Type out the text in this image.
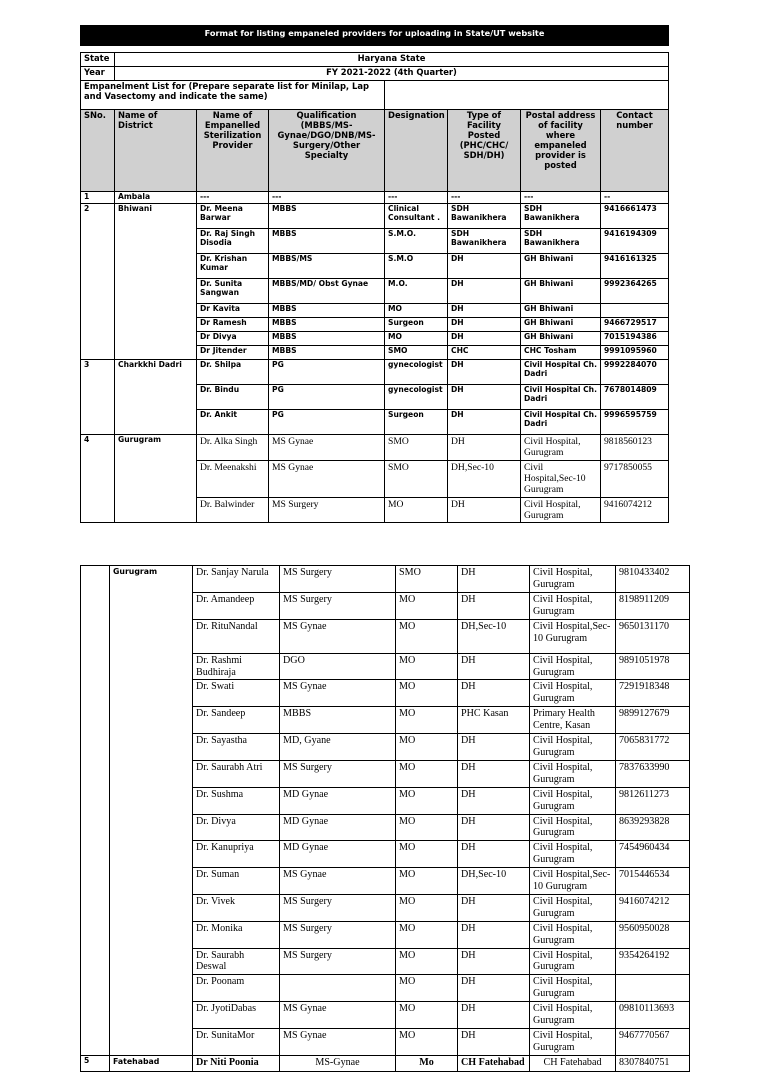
Format for listing empaneled providers for uploading in State/UT website							

State	Haryana State						
Year	FY 2021-2022 (4th Quarter)						
Empanelment List for (Prepare separate list for Minilap, Lap and Vasectomy and indicate the same)							
SNo.	Name of District	Name of Empanelled Sterilization Provider	Qualification (MBBS/MS-Gynae/DGO/DNB/MS-Surgery/Other Specialty	Designation	Type of Facility Posted (PHC/CHC/ SDH/DH)	Postal address of facility where empaneled provider is posted	Contact number
1	Ambala	---	---	---	---	---	--
2	Bhiwani	Dr. Meena Barwar	MBBS	Clinical Consultant .	SDH Bawanikhera	SDH Bawanikhera	9416661473
		Dr. Raj Singh Disodia	MBBS	S.M.O.	SDH Bawanikhera	SDH Bawanikhera	9416194309
		Dr. Krishan Kumar	MBBS/MS	S.M.O	DH	GH Bhiwani	9416161325
		Dr. Sunita Sangwan	MBBS/MD/ Obst Gynae	M.O.	DH	GH Bhiwani	9992364265
		Dr Kavita	MBBS	MO	DH	GH Bhiwani	
		Dr Ramesh	MBBS	Surgeon	DH	GH Bhiwani	9466729517
		Dr Divya	MBBS	MO	DH	GH Bhiwani	7015194386
		Dr Jitender	MBBS	SMO	CHC	CHC Tosham	9991095960
3	Charkkhi Dadri	Dr. Shilpa	PG	gynecologist	DH	Civil Hospital Ch. Dadri	9992284070
		Dr. Bindu	PG	gynecologist	DH	Civil Hospital Ch. Dadri	7678014809
		Dr. Ankit	PG	Surgeon	DH	Civil Hospital Ch. Dadri	9996595759
4	Gurugram	Dr. Alka Singh	MS Gynae	SMO	DH	Civil Hospital, Gurugram	9818560123
		Dr. Meenakshi	MS Gynae	SMO	DH,Sec-10	Civil Hospital,Sec-10 Gurugram	9717850055
		Dr. Balwinder	MS Surgery	MO	DH	Civil Hospital, Gurugram	9416074212
	Gurugram	Dr. Sanjay Narula	MS Surgery	SMO	DH	Civil Hospital, Gurugram	9810433402
		Dr. Amandeep	MS Surgery	MO	DH	Civil Hospital, Gurugram	8198911209
		Dr. RituNandal	MS Gynae	MO	DH,Sec-10	Civil Hospital,Sec-10 Gurugram	9650131170
		Dr. Rashmi Budhiraja	DGO	MO	DH	Civil Hospital, Gurugram	9891051978
		Dr. Swati	MS Gynae	MO	DH	Civil Hospital, Gurugram	7291918348
		Dr. Sandeep	MBBS	MO	PHC Kasan	Primary Health Centre, Kasan	9899127679
		Dr. Sayastha	MD, Gyane	MO	DH	Civil Hospital, Gurugram	7065831772
		Dr. Saurabh Atri	MS Surgery	MO	DH	Civil Hospital, Gurugram	7837633990
		Dr. Sushma	MD Gynae	MO	DH	Civil Hospital, Gurugram	9812611273
		Dr. Divya	MD Gynae	MO	DH	Civil Hospital, Gurugram	8639293828
		Dr. Kanupriya	MD Gynae	MO	DH	Civil Hospital, Gurugram	7454960434
		Dr. Suman	MS Gynae	MO	DH,Sec-10	Civil Hospital,Sec-10 Gurugram	7015446534
		Dr. Vivek	MS Surgery	MO	DH	Civil Hospital, Gurugram	9416074212
		Dr. Monika	MS Surgery	MO	DH	Civil Hospital, Gurugram	9560950028
		Dr. Saurabh Deswal	MS Surgery	MO	DH	Civil Hospital, Gurugram	9354264192
		Dr. Poonam		MO	DH	Civil Hospital, Gurugram	
		Dr. JyotiDabas	MS Gynae	MO	DH	Civil Hospital, Gurugram	09810113693
		Dr. SunitaMor	MS Gynae	MO	DH	Civil Hospital, Gurugram	9467770567
5	Fatehabad	Dr Niti Poonia	MS-Gynae	Mo	CH Fatehabad	CH Fatehabad	8307840751
